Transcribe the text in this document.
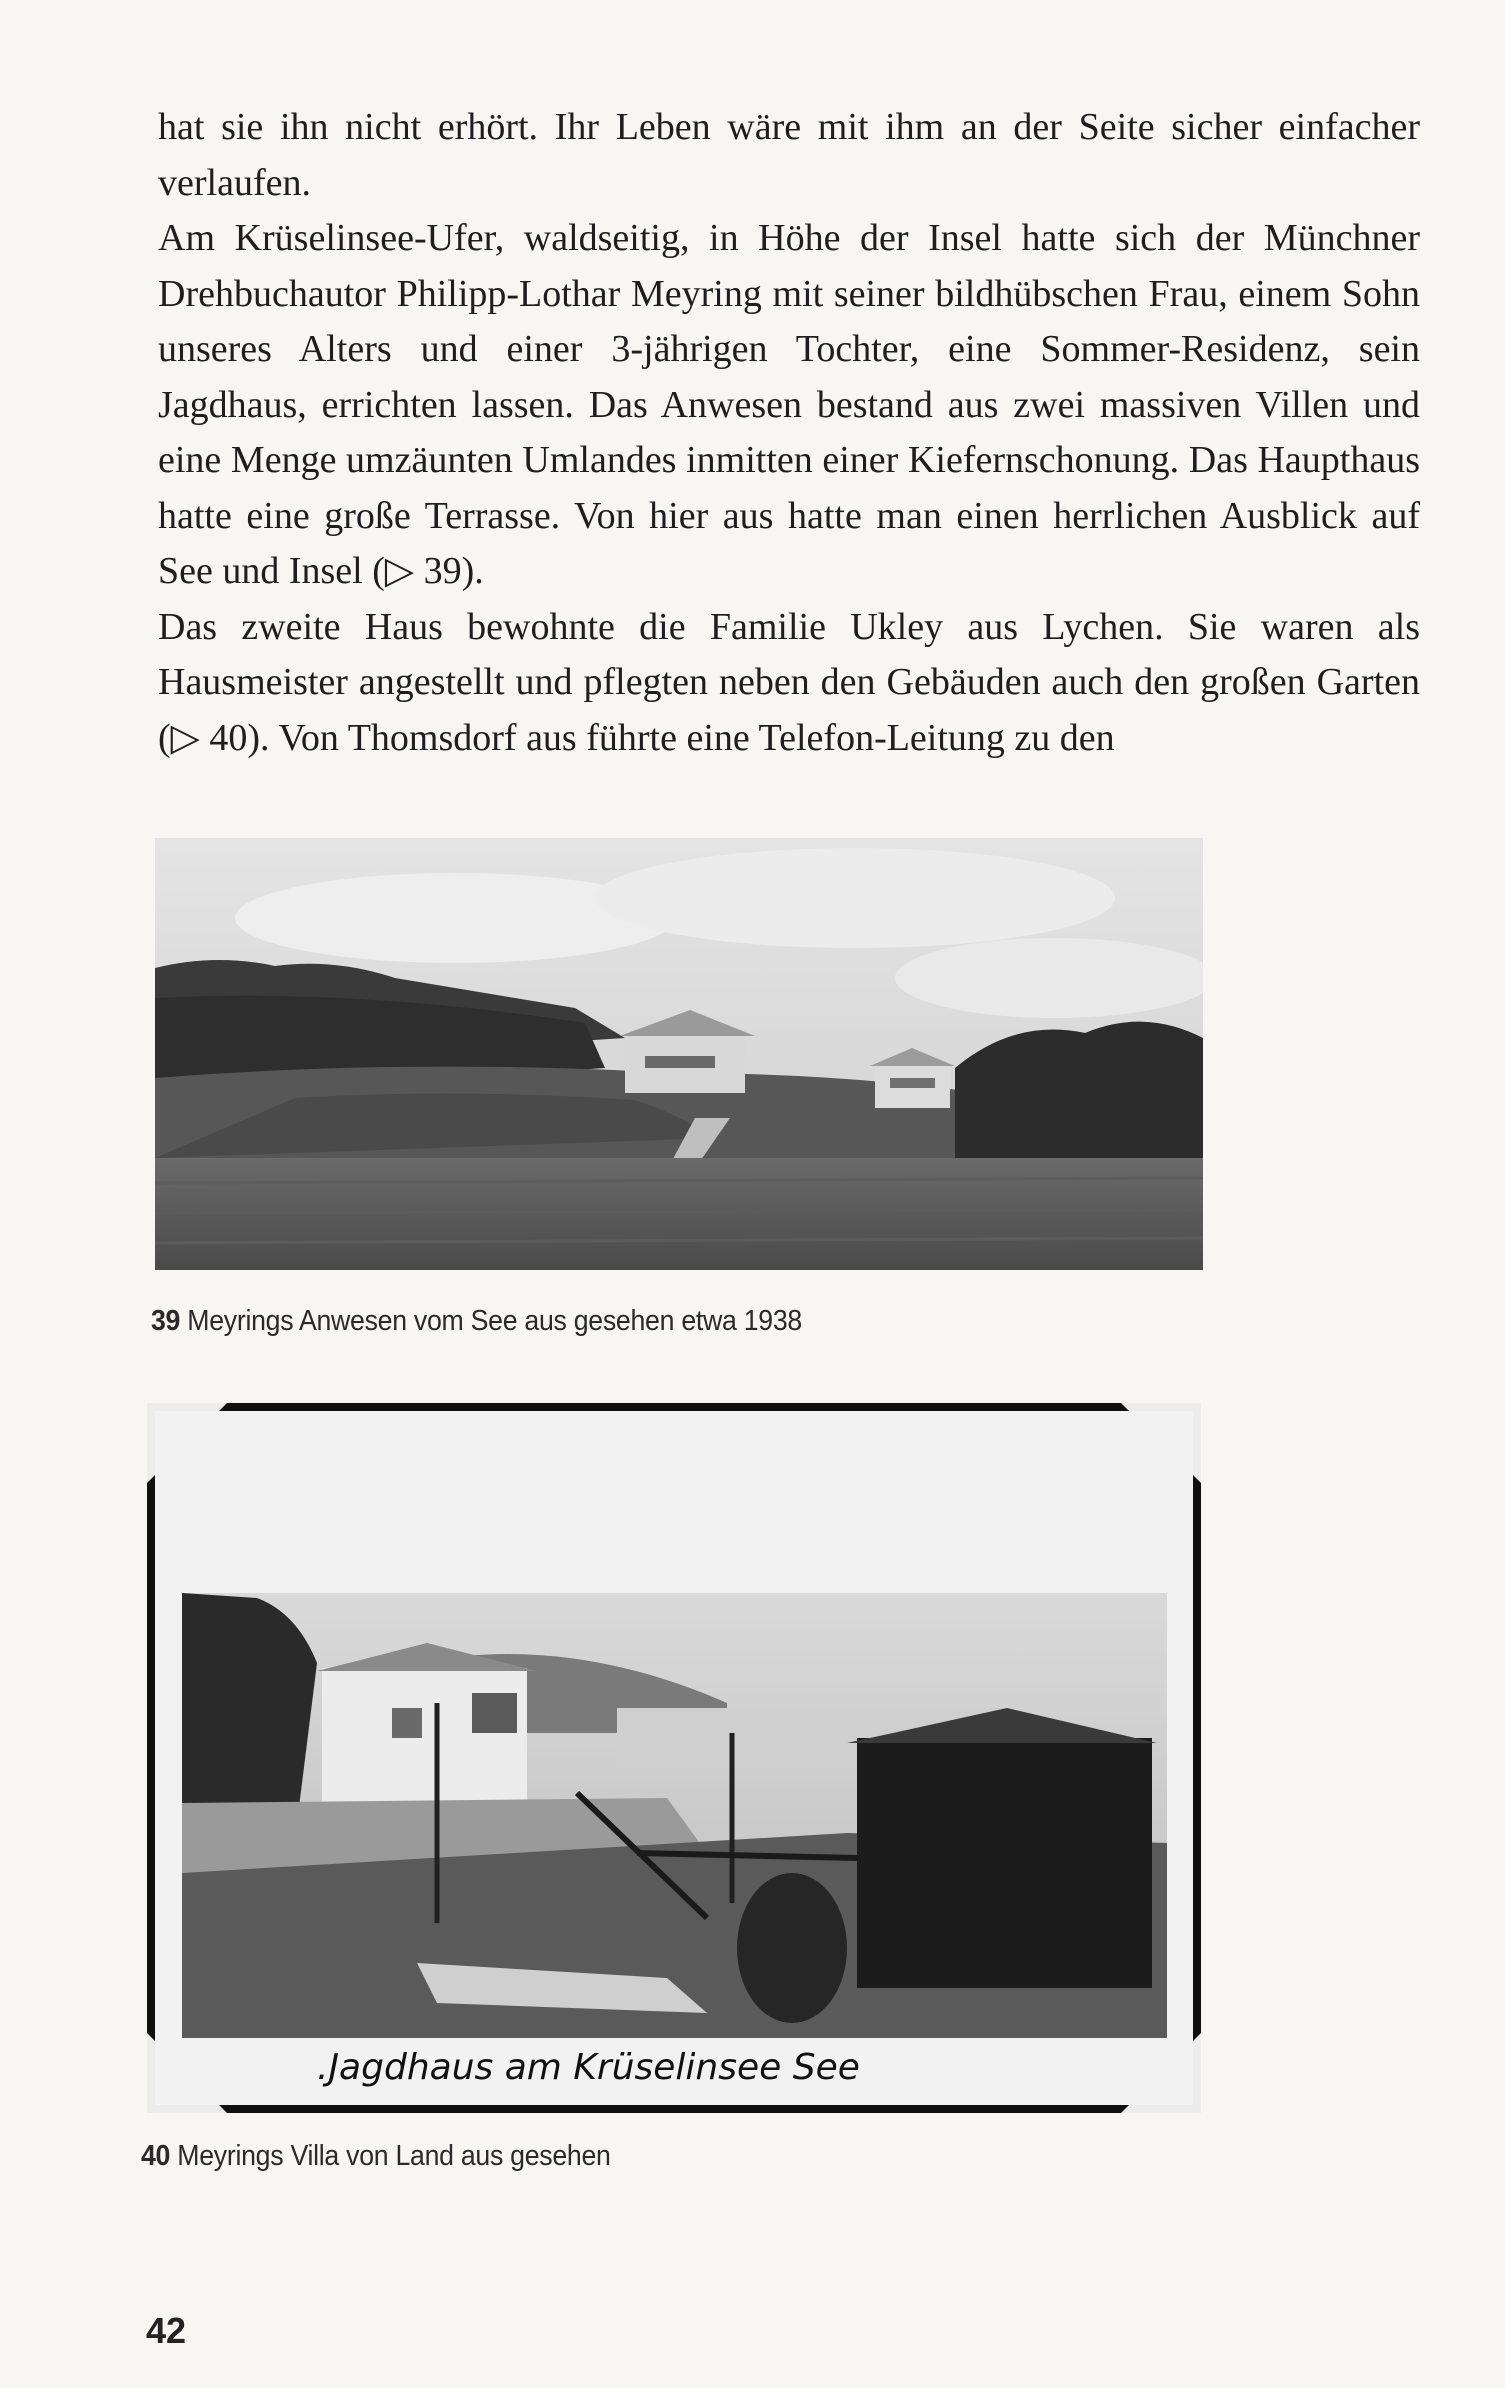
hat sie ihn nicht erhört. Ihr Leben wäre mit ihm an der Seite sicher einfacher verlaufen.

Am Krüselinsee-Ufer, waldseitig, in Höhe der Insel hatte sich der Münchner Drehbuchautor Philipp-Lothar Meyring mit seiner bildhübschen Frau, einem Sohn unseres Alters und einer 3-jährigen Tochter, eine Sommer-Residenz, sein Jagdhaus, errichten lassen. Das Anwesen bestand aus zwei massiven Villen und eine Menge umzäunten Umlandes inmitten einer Kiefernschonung. Das Haupthaus hatte eine große Terrasse. Von hier aus hatte man einen herrlichen Ausblick auf See und Insel (▷ 39).

Das zweite Haus bewohnte die Familie Ukley aus Lychen. Sie waren als Hausmeister angestellt und pflegten neben den Gebäuden auch den großen Garten (▷ 40). Von Thomsdorf aus führte eine Telefon-Leitung zu den

39 Meyrings Anwesen vom See aus gesehen etwa 1938
.Jagdhaus am Krüselinsee See
40 Meyrings Villa von Land aus gesehen
42
